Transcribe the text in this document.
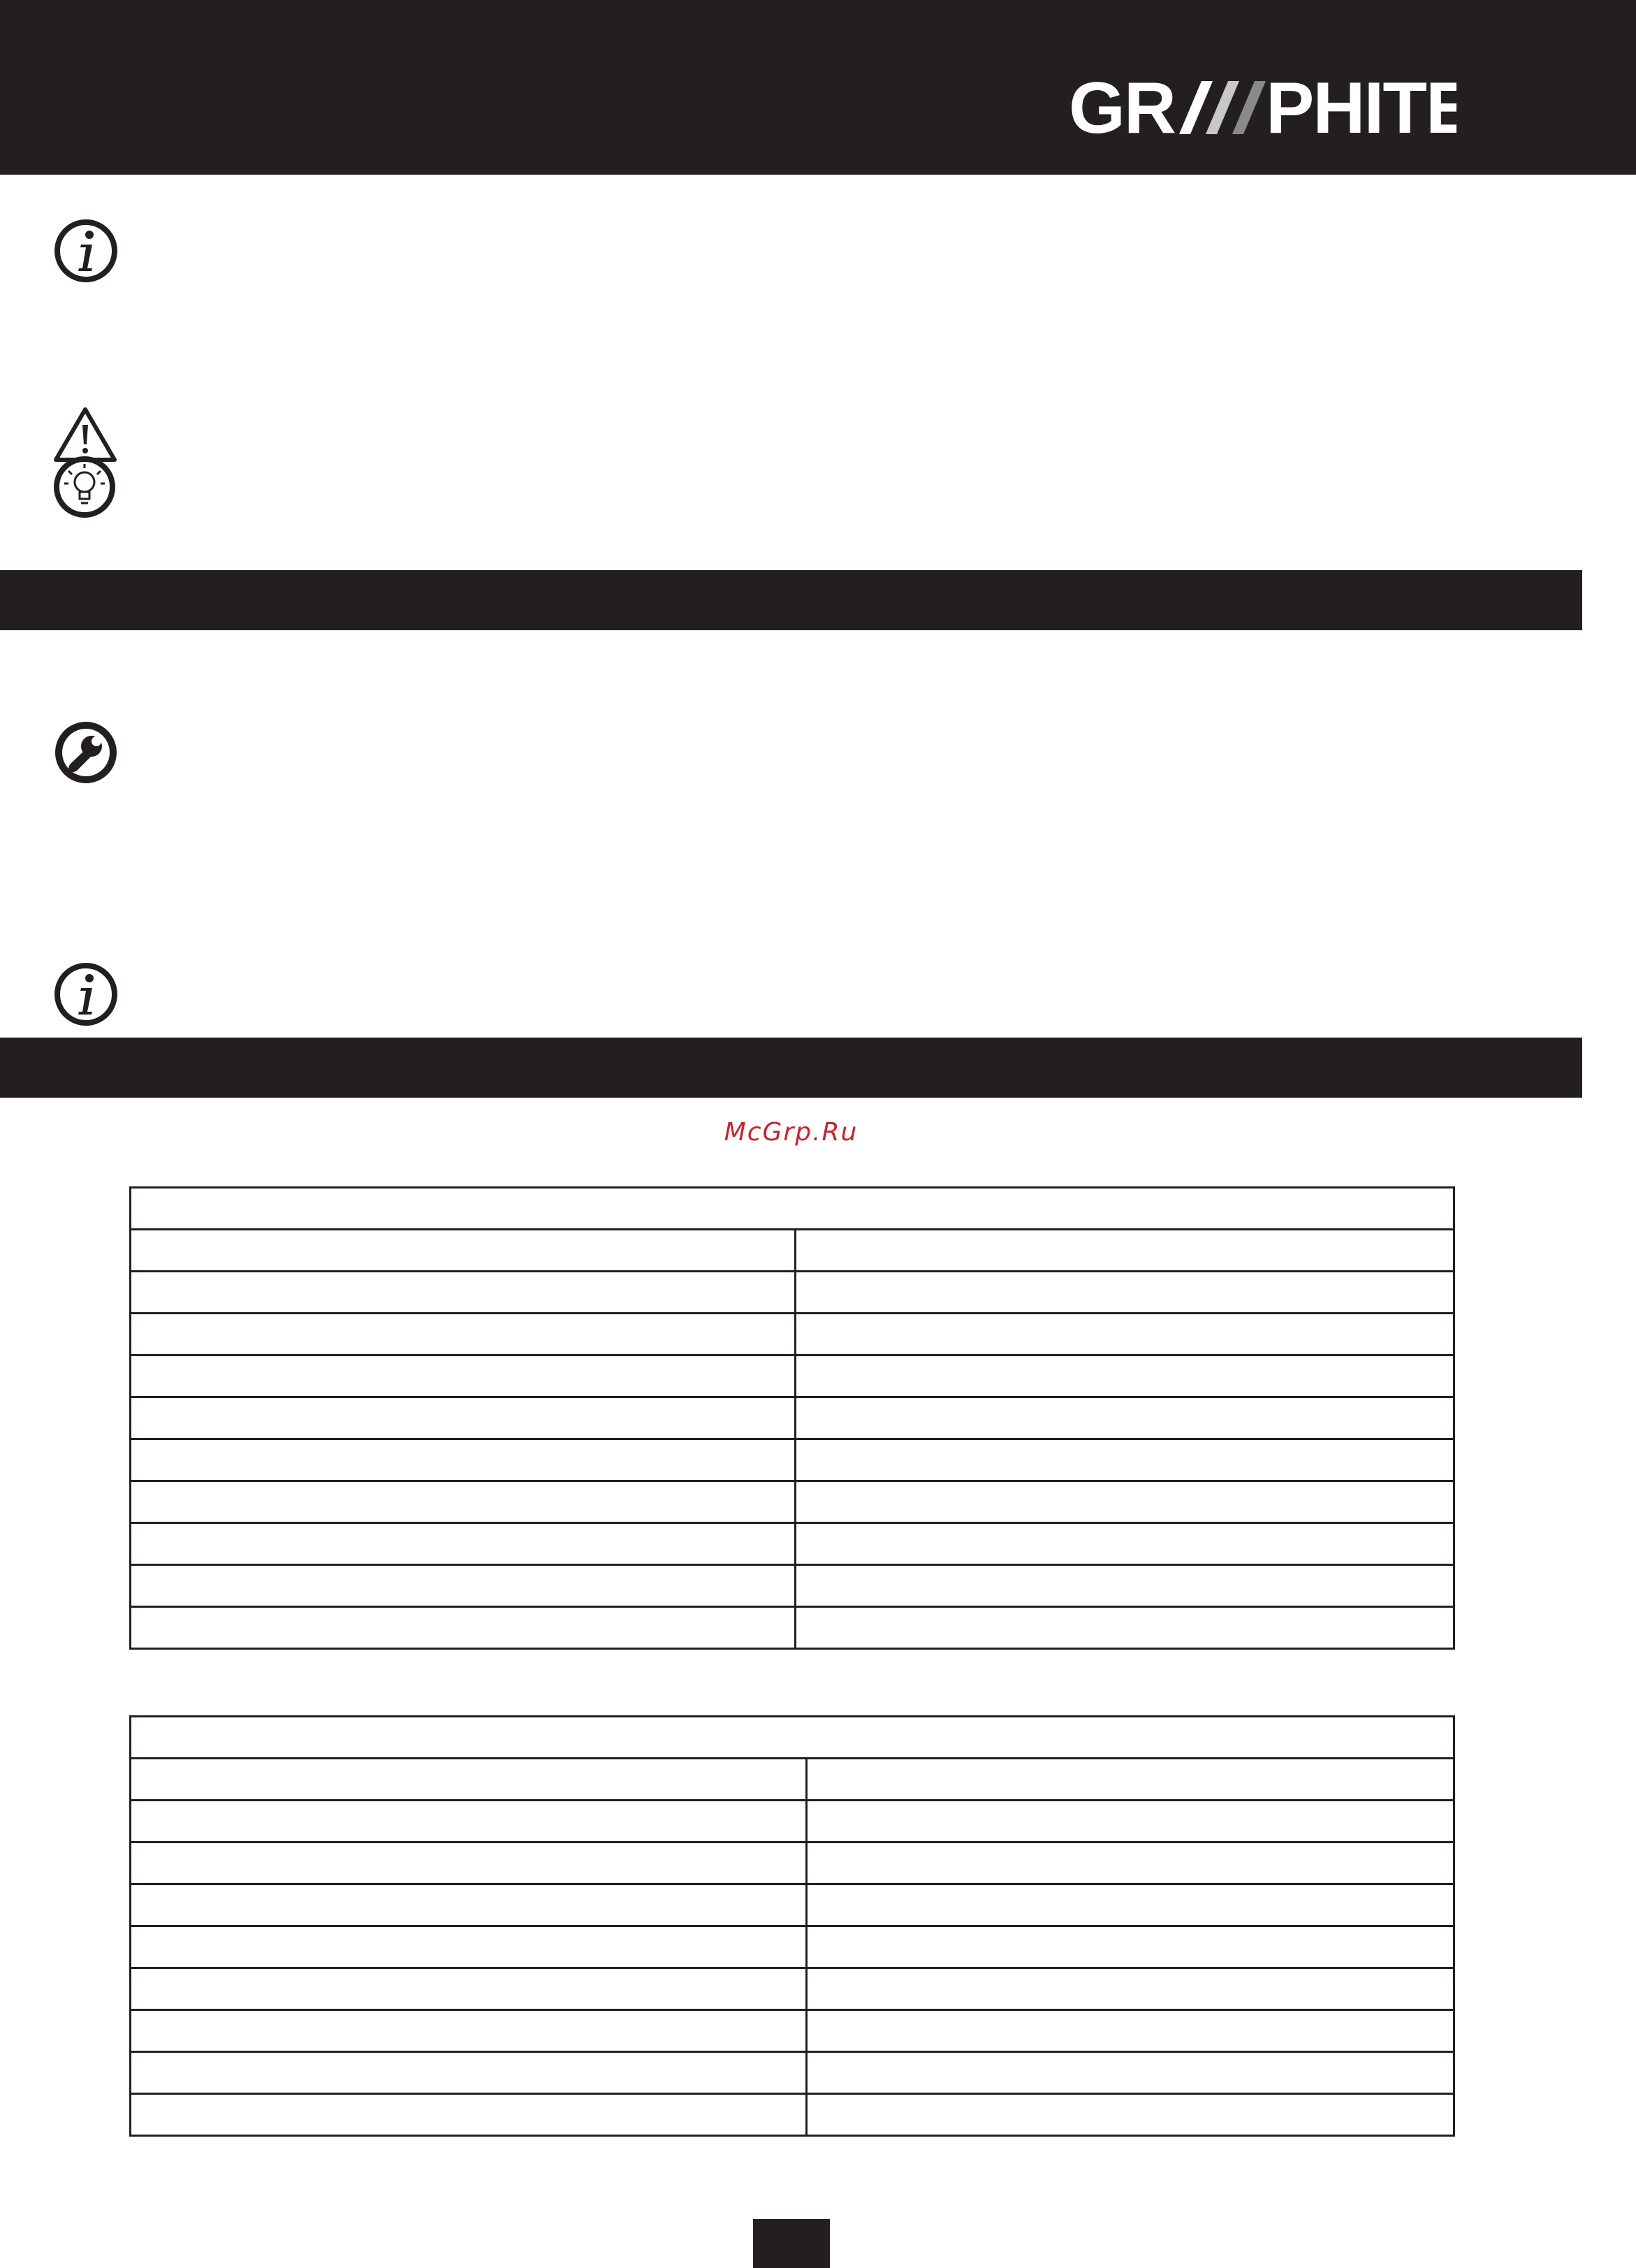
GR PHITE
McGrp.Ru
